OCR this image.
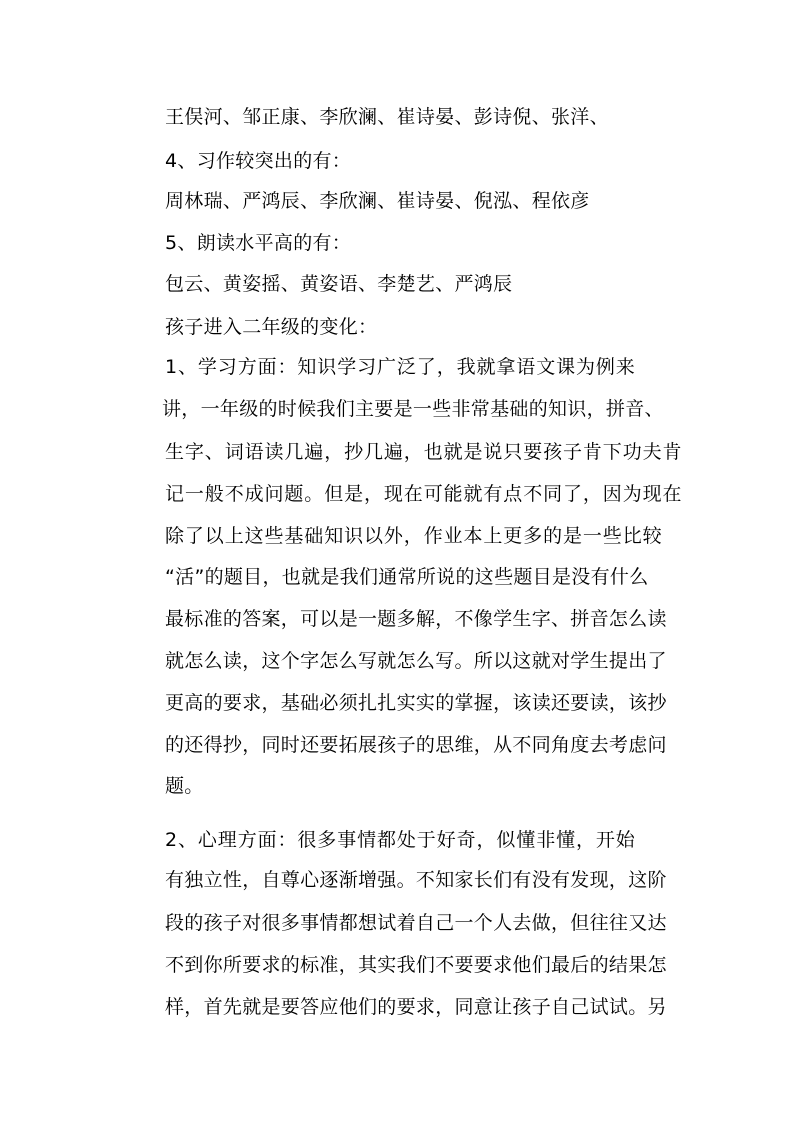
王俣河、邹正康、李欣澜、崔诗晏、彭诗倪、张洋、
4、习作较突出的有：
周林瑞、严鸿辰、李欣澜、崔诗晏、倪泓、程依彦
5、朗读水平高的有：
包云、黄姿摇、黄姿语、李楚艺、严鸿辰
孩子进入二年级的变化：
1、学习方面：知识学习广泛了，我就拿语文课为例来
讲，一年级的时候我们主要是一些非常基础的知识，拼音、
生字、词语读几遍，抄几遍，也就是说只要孩子肯下功夫肯
记一般不成问题。但是，现在可能就有点不同了，因为现在
除了以上这些基础知识以外，作业本上更多的是一些比较
“活”的题目，也就是我们通常所说的这些题目是没有什么
最标准的答案，可以是一题多解，不像学生字、拼音怎么读
就怎么读，这个字怎么写就怎么写。所以这就对学生提出了
更高的要求，基础必须扎扎实实的掌握，该读还要读，该抄
的还得抄，同时还要拓展孩子的思维，从不同角度去考虑问
题。
2、心理方面：很多事情都处于好奇，似懂非懂，开始
有独立性，自尊心逐渐增强。不知家长们有没有发现，这阶
段的孩子对很多事情都想试着自己一个人去做，但往往又达
不到你所要求的标准，其实我们不要要求他们最后的结果怎
样，首先就是要答应他们的要求，同意让孩子自己试试。另
